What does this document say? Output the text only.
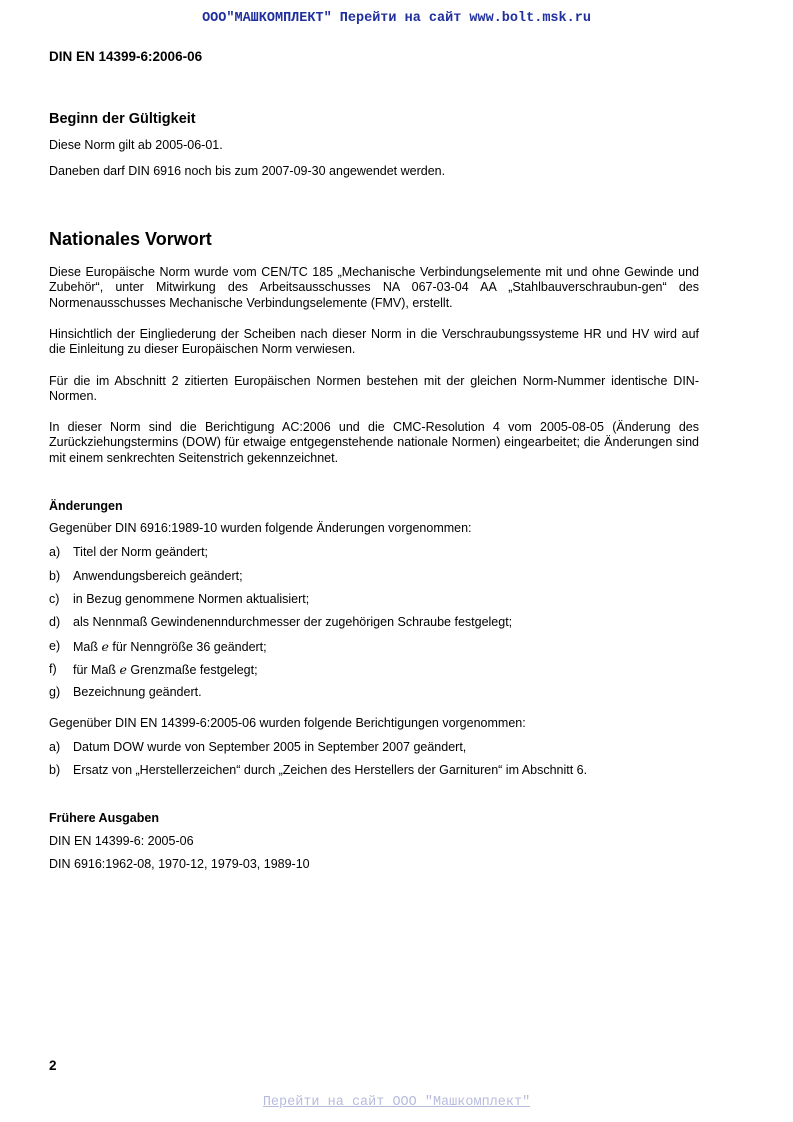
ООО"МАШКОМПЛЕКТ" Перейти на сайт www.bolt.msk.ru
DIN EN 14399-6:2006-06
Beginn der Gültigkeit
Diese Norm gilt ab 2005-06-01.
Daneben darf DIN 6916 noch bis zum 2007-09-30 angewendet werden.
Nationales Vorwort
Diese Europäische Norm wurde vom CEN/TC 185 „Mechanische Verbindungselemente mit und ohne Gewinde und Zubehör“, unter Mitwirkung des Arbeitsausschusses NA 067-03-04 AA „Stahlbauverschraubun-gen“ des Normenausschusses Mechanische Verbindungselemente (FMV), erstellt.
Hinsichtlich der Eingliederung der Scheiben nach dieser Norm in die Verschraubungssysteme HR und HV wird auf die Einleitung zu dieser Europäischen Norm verwiesen.
Für die im Abschnitt 2 zitierten Europäischen Normen bestehen mit der gleichen Norm-Nummer identische DIN-Normen.
In dieser Norm sind die Berichtigung AC:2006 und die CMC-Resolution 4 vom 2005-08-05 (Änderung des Zurückziehungstermins (DOW) für etwaige entgegenstehende nationale Normen) eingearbeitet; die Änderungen sind mit einem senkrechten Seitenstrich gekennzeichnet.
Änderungen
Gegenüber DIN 6916:1989-10 wurden folgende Änderungen vorgenommen:
a) Titel der Norm geändert;
b) Anwendungsbereich geändert;
c) in Bezug genommene Normen aktualisiert;
d) als Nennmaß Gewindenenndurchmesser der zugehörigen Schraube festgelegt;
e) Maß e für Nenngröße 36 geändert;
f) für Maß e Grenzmaße festgelegt;
g) Bezeichnung geändert.
Gegenüber DIN EN 14399-6:2005-06 wurden folgende Berichtigungen vorgenommen:
a) Datum DOW wurde von September 2005 in September 2007 geändert,
b) Ersatz von „Herstellerzeichen“ durch „Zeichen des Herstellers der Garnituren“ im Abschnitt 6.
Frühere Ausgaben
DIN EN 14399-6: 2005-06
DIN 6916:1962-08, 1970-12, 1979-03, 1989-10
2
Перейти на сайт ООО "Машкомплект"
